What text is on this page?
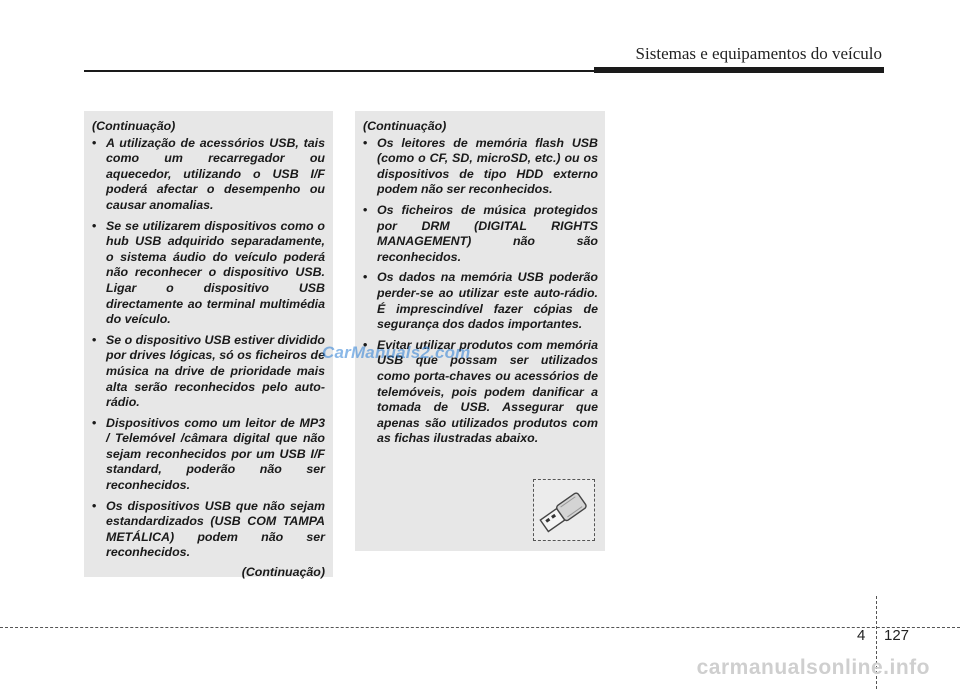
Sistemas e equipamentos do veículo
(Continuação)
• A utilização de acessórios USB, tais como um recarregador ou aquecedor, utilizando o USB I/F poderá afectar o desempenho ou causar anomalias.
• Se se utilizarem dispositivos como o hub USB adquirido separadamente, o sistema áudio do veículo poderá não reconhecer o dispositivo USB. Ligar o dispositivo USB directamente ao terminal multimédia do veículo.
• Se o dispositivo USB estiver dividido por drives lógicas, só os ficheiros de música na drive de prioridade mais alta serão reconhecidos pelo auto-rádio.
• Dispositivos como um leitor de MP3 / Telemóvel /câmara digital que não sejam reconhecidos por um USB I/F standard, poderão não ser reconhecidos.
• Os dispositivos USB que não sejam estandardizados (USB COM TAMPA METÁLICA) podem não ser reconhecidos.
(Continuação)
(Continuação)
• Os leitores de memória flash USB (como o CF, SD, microSD, etc.) ou os dispositivos de tipo HDD externo podem não ser reconhecidos.
• Os ficheiros de música protegidos por DRM (DIGITAL RIGHTS MANAGEMENT) não são reconhecidos.
• Os dados na memória USB poderão perder-se ao utilizar este auto-rádio. É imprescindível fazer cópias de segurança dos dados importantes.
• Evitar utilizar produtos com memória USB que possam ser utilizados como porta-chaves ou acessórios de telemóveis, pois podem danificar a tomada de USB. Assegurar que apenas são utilizados produtos com as fichas ilustradas abaixo.
CarManuals2.com
4 127
carmanualsonline.info
